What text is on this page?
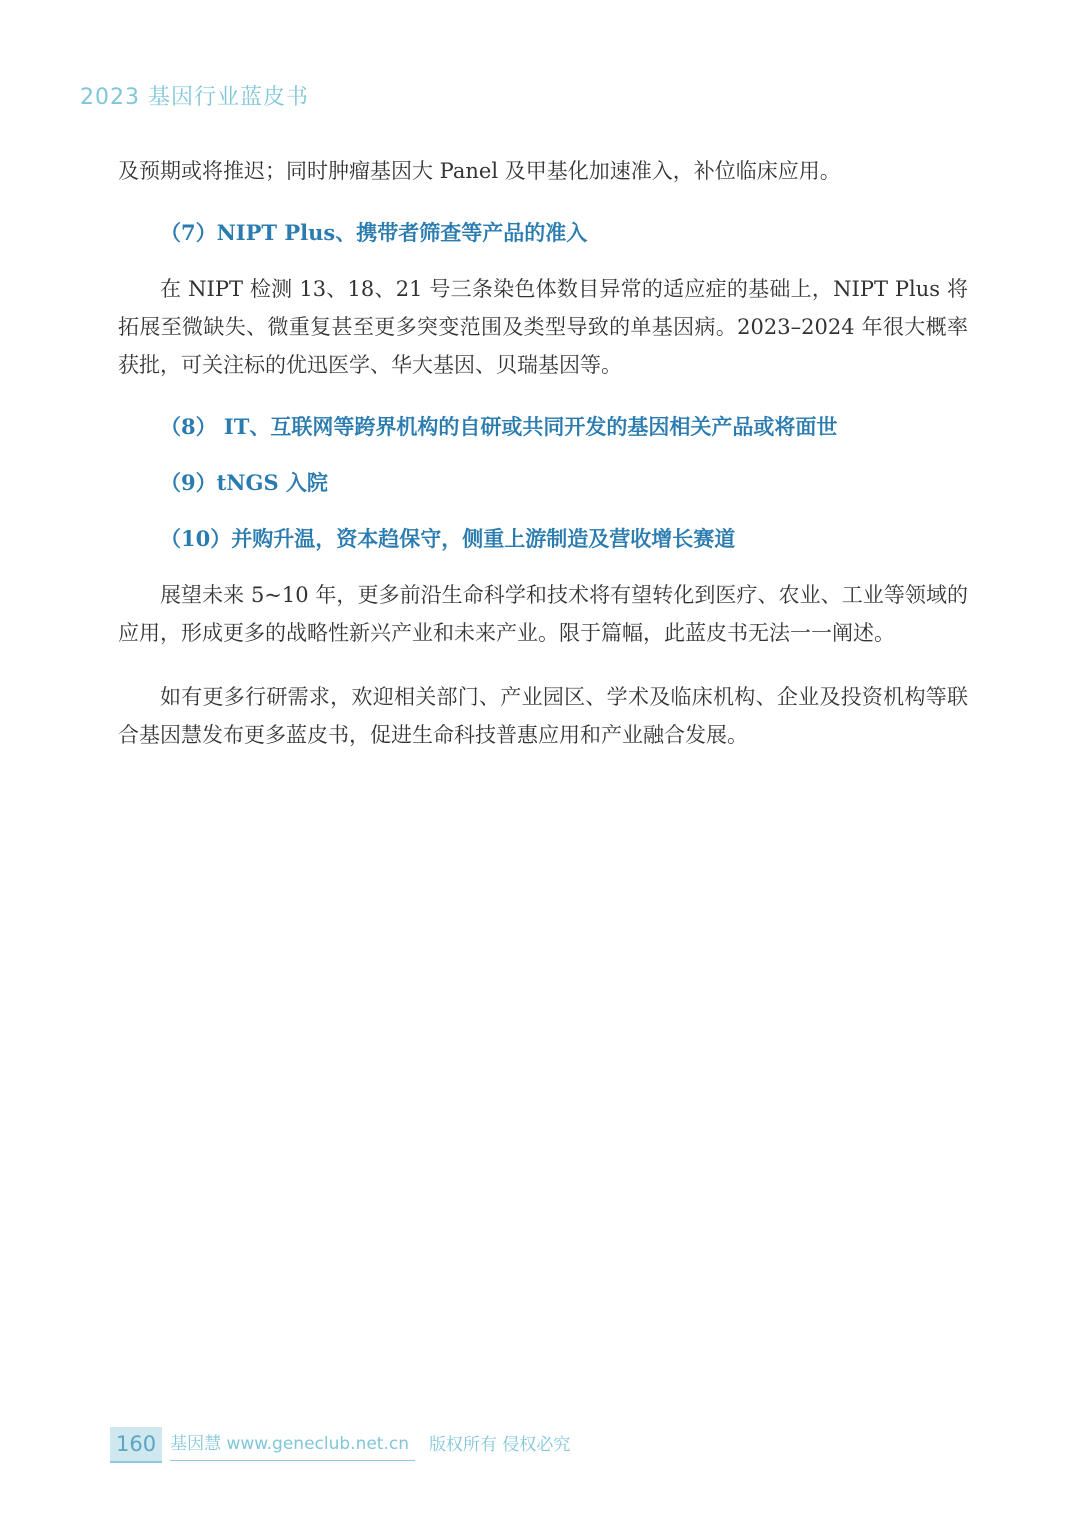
2023 基因行业蓝皮书

及预期或将推迟；同时肿瘤基因大 Panel 及甲基化加速准入，补位临床应用。

（7）NIPT Plus、携带者筛查等产品的准入

在 NIPT 检测 13、18、21 号三条染色体数目异常的适应症的基础上，NIPT Plus 将拓展至微缺失、微重复甚至更多突变范围及类型导致的单基因病。2023–2024 年很大概率获批，可关注标的优迅医学、华大基因、贝瑞基因等。

（8） IT、互联网等跨界机构的自研或共同开发的基因相关产品或将面世
（9）tNGS 入院
（10）并购升温，资本趋保守，侧重上游制造及营收增长赛道

展望未来 5~10 年，更多前沿生命科学和技术将有望转化到医疗、农业、工业等领域的应用，形成更多的战略性新兴产业和未来产业。限于篇幅，此蓝皮书无法一一阐述。

如有更多行研需求，欢迎相关部门、产业园区、学术及临床机构、企业及投资机构等联合基因慧发布更多蓝皮书，促进生命科技普惠应用和产业融合发展。

160 基因慧 www.geneclub.net.cn	版权所有 侵权必究
